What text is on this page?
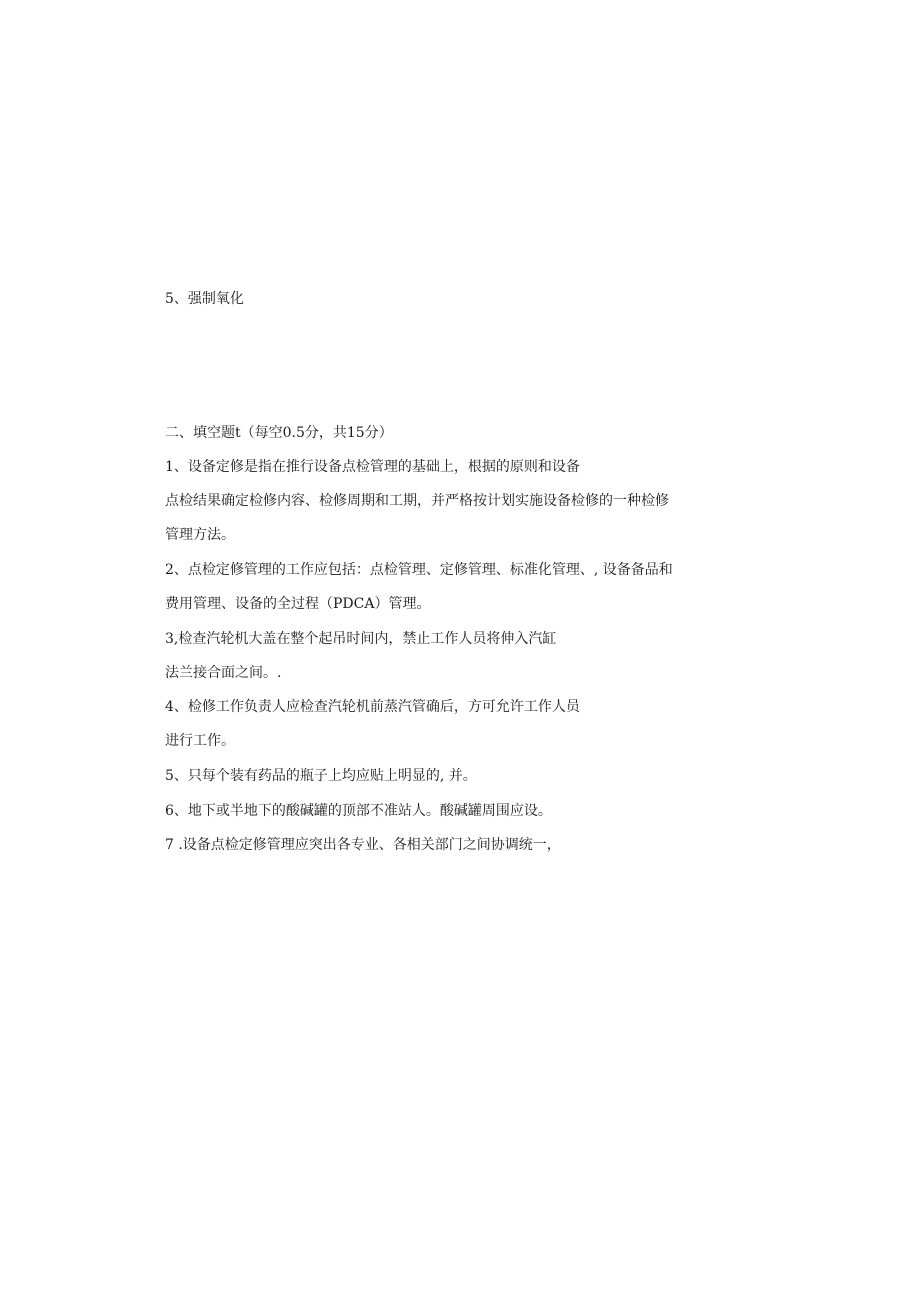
5、强制氧化
二、填空题t（每空0.5分，共15分）
1、设备定修是指在推行设备点检管理的基础上，根据的原则和设备
点检结果确定检修内容、检修周期和工期，并严格按计划实施设备检修的一种检修
管理方法。
2、点检定修管理的工作应包括：点检管理、定修管理、标准化管理、, 设备备品和
费用管理、设备的全过程（PDCA）管理。
3,检查汽轮机大盖在整个起吊时间内，禁止工作人员将伸入汽缸
法兰接合面之间。.
4、检修工作负责人应检查汽轮机前蒸汽管确后，方可允许工作人员
进行工作。
5、只每个装有药品的瓶子上均应贴上明显的, 并。
6、地下或半地下的酸碱罐的顶部不准站人。酸碱罐周围应设。
7 .设备点检定修管理应突出各专业、各相关部门之间协调统一，
